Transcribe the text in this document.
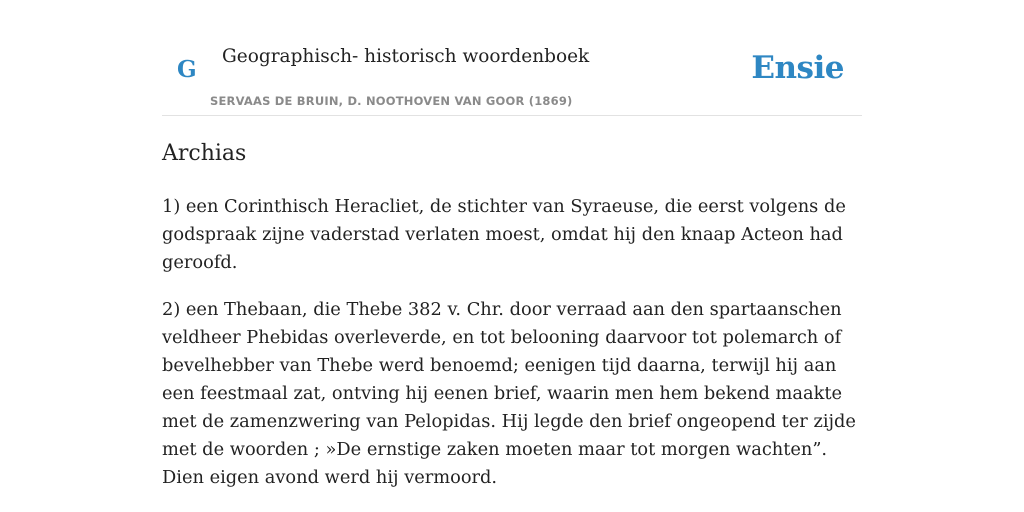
G Geographisch- historisch woordenboek
SERVAAS DE BRUIN, D. NOOTHOVEN VAN GOOR (1869)
Ensie
Archias

1) een Corinthisch Heracliet, de stichter van Syraeuse, die eerst volgens de godspraak zijne vaderstad verlaten moest, omdat hij den knaap Acteon had geroofd.

2) een Thebaan, die Thebe 382 v. Chr. door verraad aan den spartaanschen veldheer Phebidas overleverde, en tot belooning daarvoor tot polemarch of bevelhebber van Thebe werd benoemd; eenigen tijd daarna, terwijl hij aan een feestmaal zat, ontving hij eenen brief, waarin men hem bekend maakte met de zamenzwering van Pelopidas. Hij legde den brief ongeopend ter zijde met de woorden ; »De ernstige zaken moeten maar tot morgen wachten”. Dien eigen avond werd hij vermoord.
